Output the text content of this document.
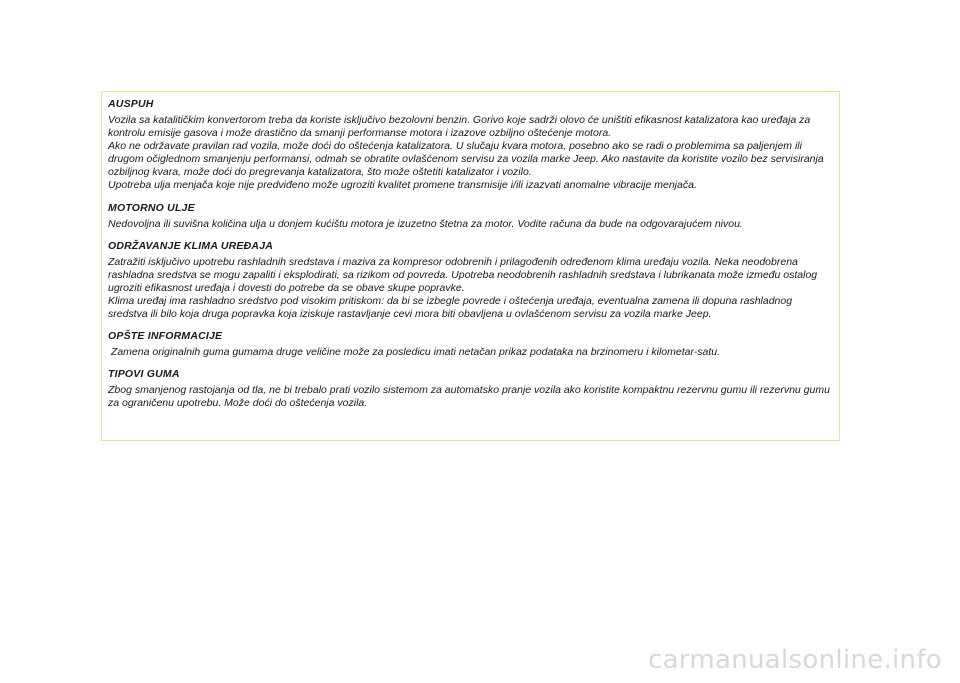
AUSPUH

Vozila sa katalitičkim konvertorom treba da koriste isključivo bezolovni benzin. Gorivo koje sadrži olovo će uništiti efikasnost katalizatora kao uređaja za kontrolu emisije gasova i može drastično da smanji performanse motora i izazove ozbiljno oštećenje motora.

Ako ne održavate pravilan rad vozila, može doći do oštećenja katalizatora. U slučaju kvara motora, posebno ako se radi o problemima sa paljenjem ili drugom očiglednom smanjenju performansi, odmah se obratite ovlašćenom servisu za vozila marke Jeep. Ako nastavite da koristite vozilo bez servisiranja ozbiljnog kvara, može doći do pregrevanja katalizatora, što može oštetiti katalizator i vozilo.

Upotreba ulja menjača koje nije predviđeno može ugroziti kvalitet promene transmisije i/ili izazvati anomalne vibracije menjača.

MOTORNO ULJE

Nedovoljna ili suvišna količina ulja u donjem kućištu motora je izuzetno štetna za motor. Vodite računa da bude na odgovarajućem nivou.

ODRŽAVANJE KLIMA UREĐAJA

Zatražiti isključivo upotrebu rashladnih sredstava i maziva za kompresor odobrenih i prilagođenih određenom klima uređaju vozila. Neka neodobrena rashladna sredstva se mogu zapaliti i eksplodirati, sa rizikom od povreda. Upotreba neodobrenih rashladnih sredstava i lubrikanata može između ostalog ugroziti efikasnost uređaja i dovesti do potrebe da se obave skupe popravke.

Klima uređaj ima rashladno sredstvo pod visokim pritiskom: da bi se izbegle povrede i oštećenja uređaja, eventualna zamena ili dopuna rashladnog sredstva ili bilo koja druga popravka koja iziskuje rastavljanje cevi mora biti obavljena u ovlašćenom servisu za vozila marke Jeep.

OPŠTE INFORMACIJE

Zamena originalnih guma gumama druge veličine može za posledicu imati netačan prikaz podataka na brzinomeru i kilometar-satu.

TIPOVI GUMA

Zbog smanjenog rastojanja od tla, ne bi trebalo prati vozilo sistemom za automatsko pranje vozila ako koristite kompaktnu rezervnu gumu ili rezervnu gumu za ograničenu upotrebu. Može doći do oštećenja vozila.

carmanualsonline.info
